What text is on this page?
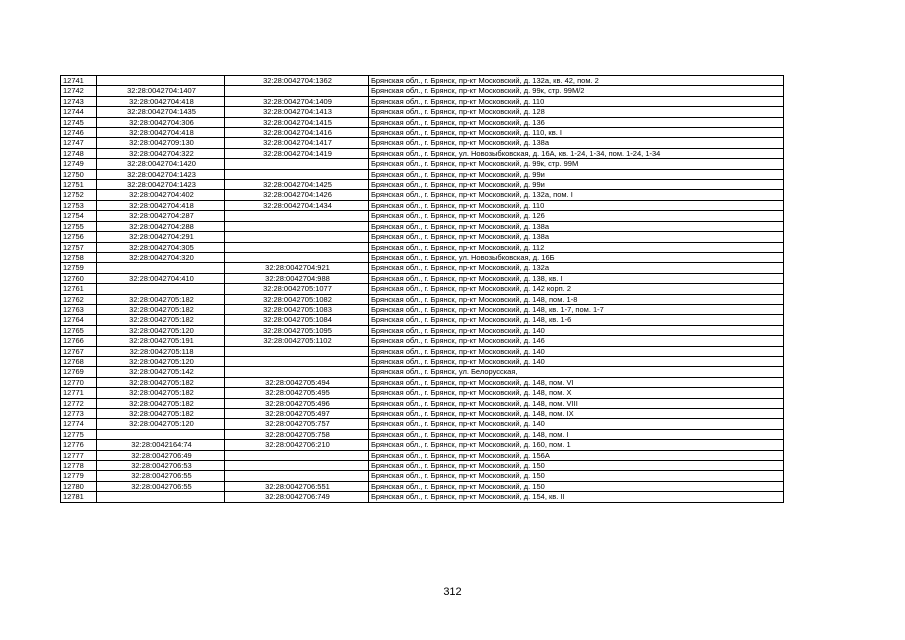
12741		32:28:0042704:1362	Брянская обл., г. Брянск, пр-кт Московский, д. 132а, кв. 42, пом. 2
12742	32:28:0042704:1407		Брянская обл., г. Брянск, пр-кт Московский, д. 99к, стр. 99М/2
12743	32:28:0042704:418	32:28:0042704:1409	Брянская обл., г. Брянск, пр-кт Московский, д. 110
12744	32:28:0042704:1435	32:28:0042704:1413	Брянская обл., г. Брянск, пр-кт Московский, д. 128
12745	32:28:0042704:306	32:28:0042704:1415	Брянская обл., г. Брянск, пр-кт Московский, д. 136
12746	32:28:0042704:418	32:28:0042704:1416	Брянская обл., г. Брянск, пр-кт Московский, д. 110, кв. I
12747	32:28:0042709:130	32:28:0042704:1417	Брянская обл., г. Брянск, пр-кт Московский, д. 138а
12748	32:28:0042704:322	32:28:0042704:1419	Брянская обл., г. Брянск, ул. Новозыбковская, д. 16А, кв. 1-24, 1-34, пом. 1-24, 1-34
12749	32:28:0042704:1420		Брянская обл., г. Брянск, пр-кт Московский, д. 99к, стр. 99М
12750	32:28:0042704:1423		Брянская обл., г. Брянск, пр-кт Московский, д. 99и
12751	32:28:0042704:1423	32:28:0042704:1425	Брянская обл., г. Брянск, пр-кт Московский, д. 99и
12752	32:28:0042704:402	32:28:0042704:1426	Брянская обл., г. Брянск, пр-кт Московский, д. 132а, пом. I
12753	32:28:0042704:418	32:28:0042704:1434	Брянская обл., г. Брянск, пр-кт Московский, д. 110
12754	32:28:0042704:287		Брянская обл., г. Брянск, пр-кт Московский, д. 126
12755	32:28:0042704:288		Брянская обл., г. Брянск, пр-кт Московский, д. 138а
12756	32:28:0042704:291		Брянская обл., г. Брянск, пр-кт Московский, д. 138а
12757	32:28:0042704:305		Брянская обл., г. Брянск, пр-кт Московский, д. 112
12758	32:28:0042704:320		Брянская обл., г. Брянск, ул. Новозыбковская, д. 16Б
12759		32:28:0042704:921	Брянская обл., г. Брянск, пр-кт Московский, д. 132а
12760	32:28:0042704:410	32:28:0042704:988	Брянская обл., г. Брянск, пр-кт Московский, д. 138, кв. I
12761		32:28:0042705:1077	Брянская обл., г. Брянск, пр-кт Московский, д. 142 корп. 2
12762	32:28:0042705:182	32:28:0042705:1082	Брянская обл., г. Брянск, пр-кт Московский, д. 148, пом. 1-8
12763	32:28:0042705:182	32:28:0042705:1083	Брянская обл., г. Брянск, пр-кт Московский, д. 148, кв. 1-7, пом. 1-7
12764	32:28:0042705:182	32:28:0042705:1084	Брянская обл., г. Брянск, пр-кт Московский, д. 148, кв. 1-6
12765	32:28:0042705:120	32:28:0042705:1095	Брянская обл., г. Брянск, пр-кт Московский, д. 140
12766	32:28:0042705:191	32:28:0042705:1102	Брянская обл., г. Брянск, пр-кт Московский, д. 146
12767	32:28:0042705:118		Брянская обл., г. Брянск, пр-кт Московский, д. 140
12768	32:28:0042705:120		Брянская обл., г. Брянск, пр-кт Московский, д. 140
12769	32:28:0042705:142		Брянская обл., г. Брянск, ул. Белорусская,
12770	32:28:0042705:182	32:28:0042705:494	Брянская обл., г. Брянск, пр-кт Московский, д. 148, пом. VI
12771	32:28:0042705:182	32:28:0042705:495	Брянская обл., г. Брянск, пр-кт Московский, д. 148, пом. X
12772	32:28:0042705:182	32:28:0042705:496	Брянская обл., г. Брянск, пр-кт Московский, д. 148, пом. VIII
12773	32:28:0042705:182	32:28:0042705:497	Брянская обл., г. Брянск, пр-кт Московский, д. 148, пом. IX
12774	32:28:0042705:120	32:28:0042705:757	Брянская обл., г. Брянск, пр-кт Московский, д. 140
12775		32:28:0042705:758	Брянская обл., г. Брянск, пр-кт Московский, д. 148, пом. I
12776	32:28:0042164:74	32:28:0042706:210	Брянская обл., г. Брянск, пр-кт Московский, д. 160, пом. 1
12777	32:28:0042706:49		Брянская обл., г. Брянск, пр-кт Московский, д. 156А
12778	32:28:0042706:53		Брянская обл., г. Брянск, пр-кт Московский, д. 150
12779	32:28:0042706:55		Брянская обл., г. Брянск, пр-кт Московский, д. 150
12780	32:28:0042706:55	32:28:0042706:551	Брянская обл., г. Брянск, пр-кт Московский, д. 150
12781		32:28:0042706:749	Брянская обл., г. Брянск, пр-кт Московский, д. 154, кв. II
312
